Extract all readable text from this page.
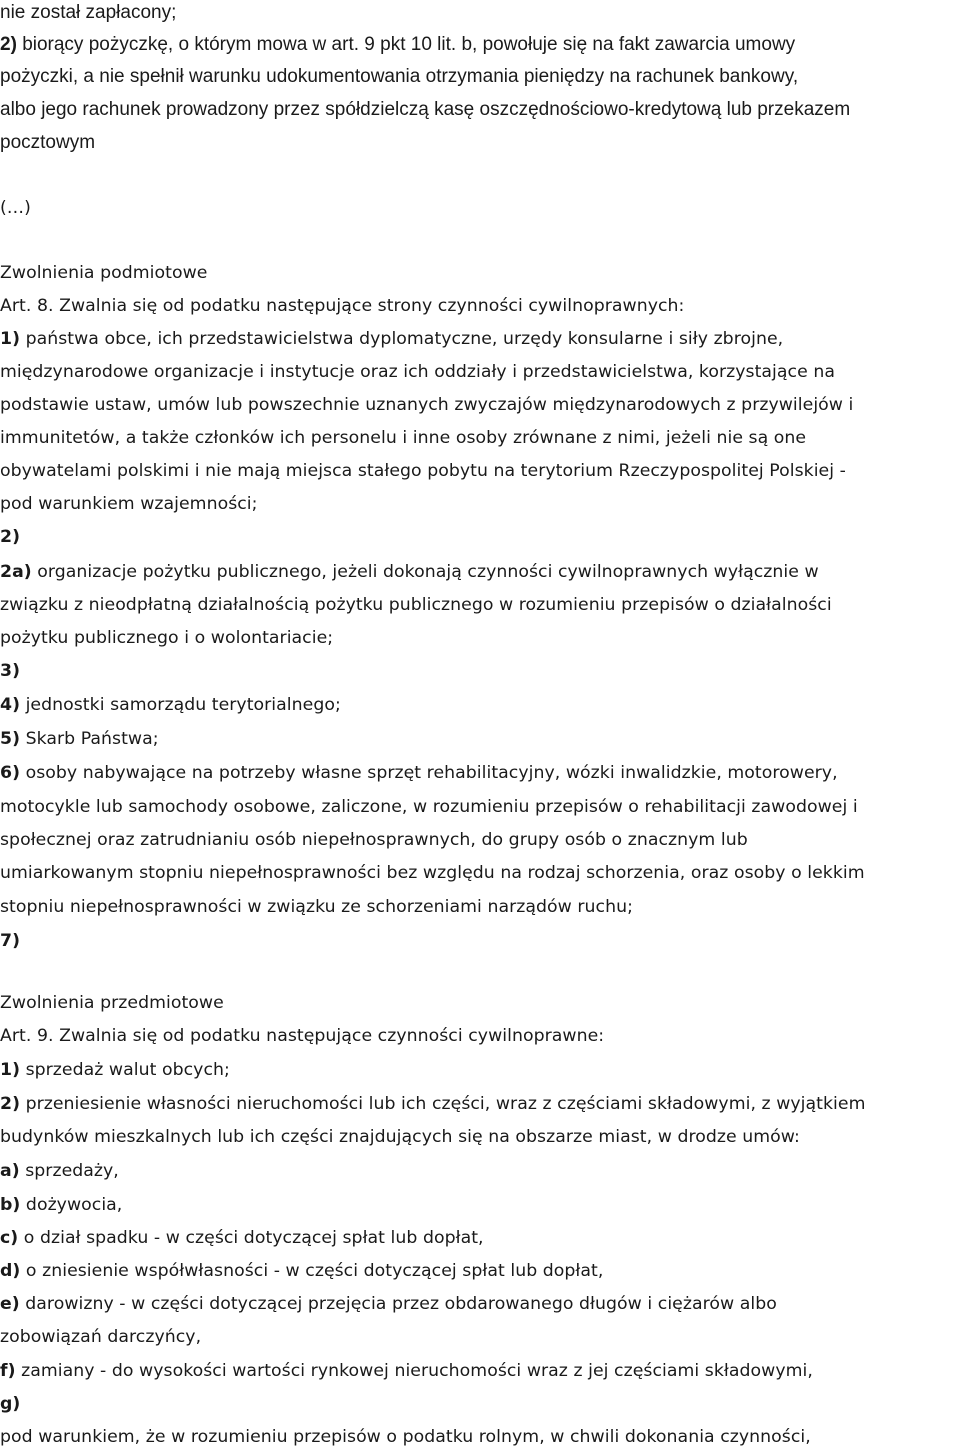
nie został zapłacony;
2) biorący pożyczkę, o którym mowa w art. 9 pkt 10 lit. b, powołuje się na fakt zawarcia umowy
pożyczki, a nie spełnił warunku udokumentowania otrzymania pieniędzy na rachunek bankowy,
albo jego rachunek prowadzony przez spółdzielczą kasę oszczędnościowo-kredytową lub przekazem
pocztowym
(…)
Zwolnienia podmiotowe
Art. 8. Zwalnia się od podatku następujące strony czynności cywilnoprawnych:
1) państwa obce, ich przedstawicielstwa dyplomatyczne, urzędy konsularne i siły zbrojne,
międzynarodowe organizacje i instytucje oraz ich oddziały i przedstawicielstwa, korzystające na
podstawie ustaw, umów lub powszechnie uznanych zwyczajów międzynarodowych z przywilejów i
immunitetów, a także członków ich personelu i inne osoby zrównane z nimi, jeżeli nie są one
obywatelami polskimi i nie mają miejsca stałego pobytu na terytorium Rzeczypospolitej Polskiej -
pod warunkiem wzajemności;
2)
2a) organizacje pożytku publicznego, jeżeli dokonają czynności cywilnoprawnych wyłącznie w
związku z nieodpłatną działalnością pożytku publicznego w rozumieniu przepisów o działalności
pożytku publicznego i o wolontariacie;
3)
4) jednostki samorządu terytorialnego;
5) Skarb Państwa;
6) osoby nabywające na potrzeby własne sprzęt rehabilitacyjny, wózki inwalidzkie, motorowery,
motocykle lub samochody osobowe, zaliczone, w rozumieniu przepisów o rehabilitacji zawodowej i
społecznej oraz zatrudnianiu osób niepełnosprawnych, do grupy osób o znacznym lub
umiarkowanym stopniu niepełnosprawności bez względu na rodzaj schorzenia, oraz osoby o lekkim
stopniu niepełnosprawności w związku ze schorzeniami narządów ruchu;
7)
Zwolnienia przedmiotowe
Art. 9. Zwalnia się od podatku następujące czynności cywilnoprawne:
1) sprzedaż walut obcych;
2) przeniesienie własności nieruchomości lub ich części, wraz z częściami składowymi, z wyjątkiem
budynków mieszkalnych lub ich części znajdujących się na obszarze miast, w drodze umów:
a) sprzedaży,
b) dożywocia,
c) o dział spadku - w części dotyczącej spłat lub dopłat,
d) o zniesienie współwłasności - w części dotyczącej spłat lub dopłat,
e) darowizny - w części dotyczącej przejęcia przez obdarowanego długów i ciężarów albo
zobowiązań darczyńcy,
f) zamiany - do wysokości wartości rynkowej nieruchomości wraz z jej częściami składowymi,
g)
pod warunkiem, że w rozumieniu przepisów o podatku rolnym, w chwili dokonania czynności,
